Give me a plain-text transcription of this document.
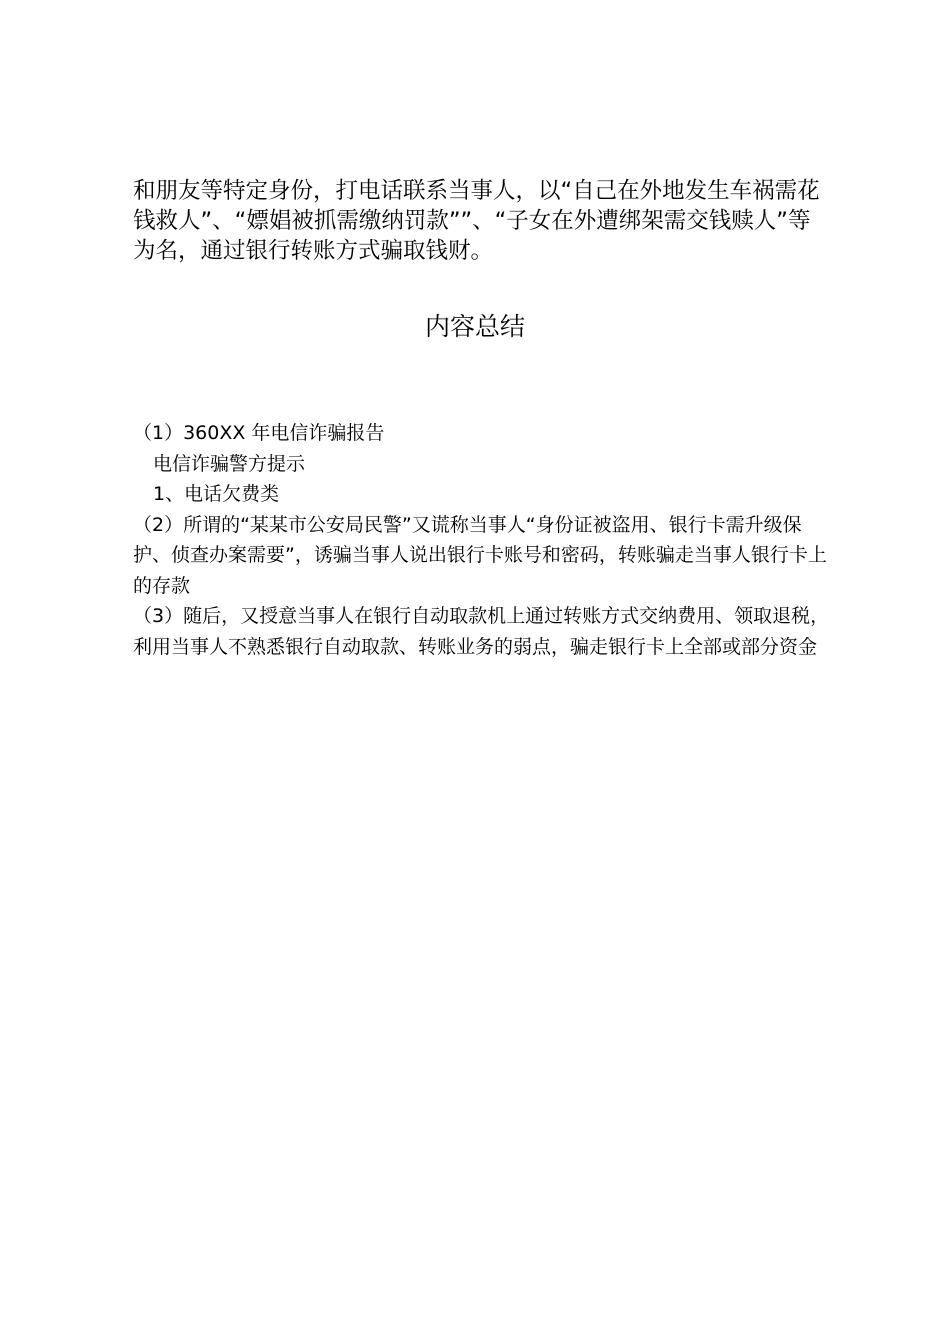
和朋友等特定身份，打电话联系当事人，以“自己在外地发生车祸需花钱救人”、“嫖娼被抓需缴纳罚款””、“子女在外遭绑架需交钱赎人”等为名，通过银行转账方式骗取钱财。

内容总结

（1）360XX 年电信诈骗报告

电信诈骗警方提示

1、电话欠费类

（2）所谓的“某某市公安局民警”又谎称当事人“身份证被盗用、银行卡需升级保护、侦查办案需要”，诱骗当事人说出银行卡账号和密码，转账骗走当事人银行卡上的存款

（3）随后，又授意当事人在银行自动取款机上通过转账方式交纳费用、领取退税，利用当事人不熟悉银行自动取款、转账业务的弱点，骗走银行卡上全部或部分资金
